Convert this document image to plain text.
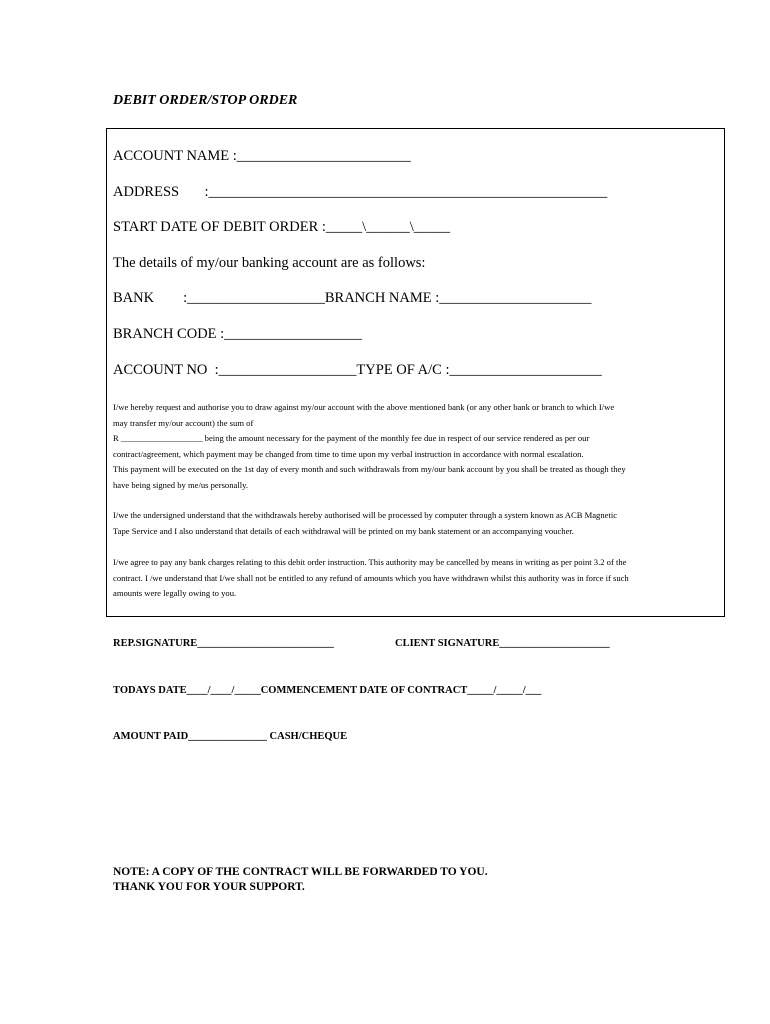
DEBIT ORDER/STOP ORDER
ACCOUNT NAME :________________________
ADDRESS       :_______________________________________________________
START DATE OF DEBIT ORDER :_____\______\_____
The details of my/our banking account are as follows:
BANK        :___________________BRANCH NAME :_____________________
BRANCH CODE :___________________
ACCOUNT NO  :___________________TYPE OF A/C :_____________________
I/we hereby request and authorise you to draw against my/our account with the above mentioned bank (or any other bank or branch to which I/we
may transfer my/our account) the sum of
R ___________________ being the amount necessary for the payment of the monthly fee due in respect of our service rendered as per our
contract/agreement, which payment may be changed from time to time upon my verbal instruction in accordance with normal escalation.
This payment will be executed on the 1st day of every month and such withdrawals from my/our bank account by you shall be treated as though they
have being signed by me/us personally.
I/we the undersigned understand that the withdrawals hereby authorised will be processed by computer through a system known as ACB Magnetic
Tape Service and I also understand that details of each withdrawal will be printed on my bank statement or an accompanying voucher.
I/we agree to pay any bank charges relating to this debit order instruction. This authority may be cancelled by means in writing as per point 3.2 of the
contract. I /we understand that I/we shall not be entitled to any refund of amounts which you have withdrawn whilst this authority was in force if such
amounts were legally owing to you.
REP.SIGNATURE__________________________	CLIENT SIGNATURE_____________________
TODAYS DATE____/____/_____COMMENCEMENT DATE OF CONTRACT_____/_____/___
AMOUNT PAID_______________ CASH/CHEQUE
NOTE: A COPY OF THE CONTRACT WILL BE FORWARDED TO YOU.
THANK YOU FOR YOUR SUPPORT.
